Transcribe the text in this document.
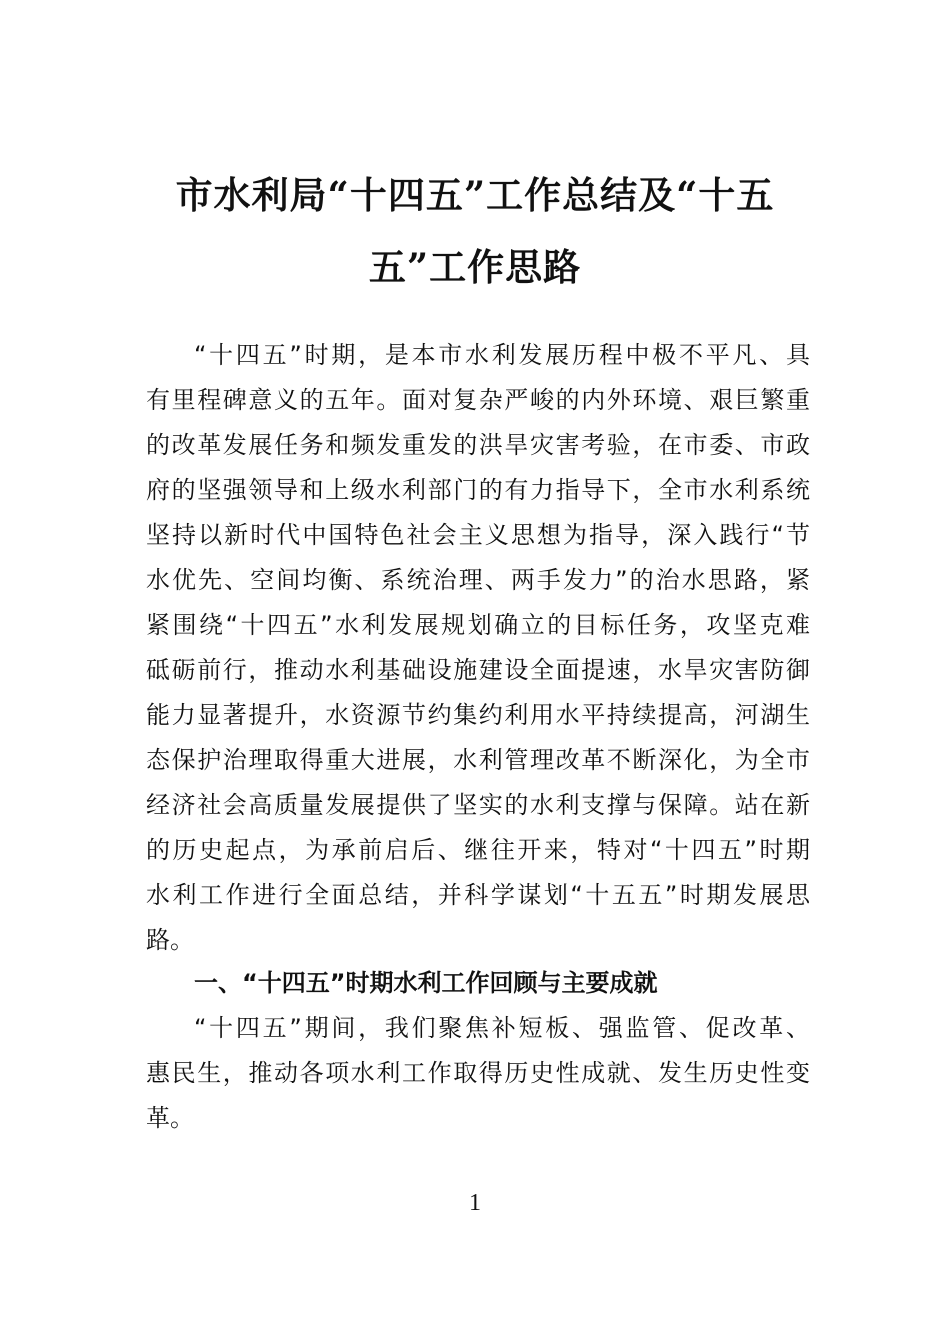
市水利局“十四五”工作总结及“十五
五”工作思路

“十四五”时期，是本市水利发展历程中极不平凡、具

有里程碑意义的五年。面对复杂严峻的内外环境、艰巨繁重

的改革发展任务和频发重发的洪旱灾害考验，在市委、市政

府的坚强领导和上级水利部门的有力指导下，全市水利系统

坚持以新时代中国特色社会主义思想为指导，深入践行“节

水优先、空间均衡、系统治理、两手发力”的治水思路，紧

紧围绕“十四五”水利发展规划确立的目标任务，攻坚克难

砥砺前行，推动水利基础设施建设全面提速，水旱灾害防御

能力显著提升，水资源节约集约利用水平持续提高，河湖生

态保护治理取得重大进展，水利管理改革不断深化，为全市

经济社会高质量发展提供了坚实的水利支撑与保障。站在新

的历史起点，为承前启后、继往开来，特对“十四五”时期

水利工作进行全面总结，并科学谋划“十五五”时期发展思

路。

一、“十四五”时期水利工作回顾与主要成就

“十四五”期间，我们聚焦补短板、强监管、促改革、

惠民生，推动各项水利工作取得历史性成就、发生历史性变

革。

1
